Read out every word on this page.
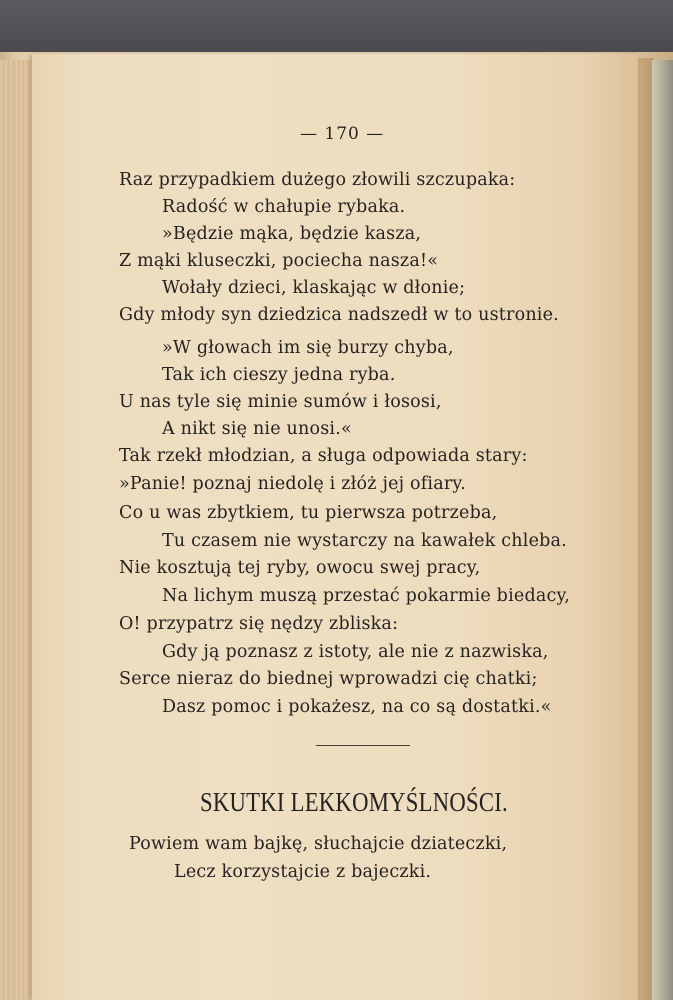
— 170 —
Raz przypadkiem dużego złowili szczupaka:
Radość w chałupie rybaka.
»Będzie mąka, będzie kasza,
Z mąki kluseczki, pociecha nasza!«
Wołały dzieci, klaskając w dłonie;
Gdy młody syn dziedzica nadszedł w to ustronie.
»W głowach im się burzy chyba,
Tak ich cieszy jedna ryba.
U nas tyle się minie sumów i łososi,
A nikt się nie unosi.«
Tak rzekł młodzian, a sługa odpowiada stary:
»Panie! poznaj niedolę i złóż jej ofiary.
Co u was zbytkiem, tu pierwsza potrzeba,
Tu czasem nie wystarczy na kawałek chleba.
Nie kosztują tej ryby, owocu swej pracy,
Na lichym muszą przestać pokarmie biedacy,
O! przypatrz się nędzy zbliska:
Gdy ją poznasz z istoty, ale nie z nazwiska,
Serce nieraz do biednej wprowadzi cię chatki;
Dasz pomoc i pokażesz, na co są dostatki.«
SKUTKI LEKKOMYŚLNOŚCI.
Powiem wam bajkę, słuchajcie dziateczki,
Lecz korzystajcie z bajeczki.
